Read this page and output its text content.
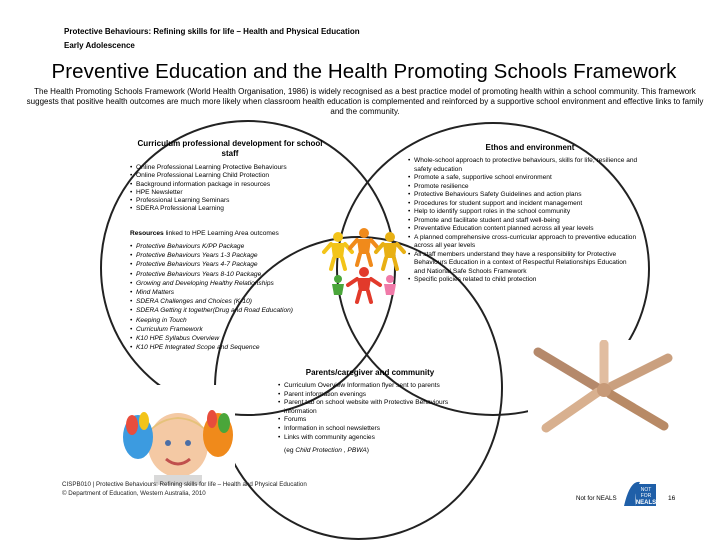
Protective Behaviours: Refining skills for life – Health and Physical Education
Early Adolescence
Preventive Education and the Health Promoting Schools Framework
The Health Promoting Schools Framework (World Health Organisation, 1986) is widely recognised as a best practice model of promoting health within a school community. This framework suggests that positive health outcomes are much more likely when classroom health education is complemented and reinforced by a supportive school environment and effective links to family and the community.
Curriculum professional development for school staff
• Online Professional Learning Protective Behaviours
• Online Professional Learning Child Protection
• Background information package in resources
• HPE Newsletter
• Professional Learning Seminars
• SDERA Professional Learning
Resources linked to HPE Learning Area outcomes
• Protective Behaviours K/PP Package
• Protective Behaviours Years 1-3 Package
• Protective Behaviours Years 4-7 Package
• Protective Behaviours Years 8-10 Package
• Growing and Developing Healthy Relationships
• Mind Matters
• SDERA Challenges and Choices (K-10)
• SDERA Getting it together(Drug and Road Education)
• Keeping in Touch
• Curriculum Framework
• K10 HPE Syllabus Overview
• K10 HPE Integrated Scope and Sequence
Ethos and environment
• Whole-school approach to protective behaviours, skills for life, resilience and safety education
• Promote a safe, supportive school environment
• Promote resilience
• Protective Behaviours Safety Guidelines and action plans
• Procedures for student support and incident management
• Help to identify support roles in the school community
• Promote and facilitate student and staff well-being
• Preventative Education content planned across all year levels
• A planned comprehensive cross-curricular approach to preventive education across all year levels
• All staff members understand they have a responsibility for Protective Behaviours Education in a context of Respectful Relationships Education and National Safe Schools Framework
• Specific policies related to child protection
Parents/caregiver and community
• Curriculum Overview Information flyer sent to parents
• Parent information evenings
• Parent tab on school website with Protective Behaviours information
• Forums
• Information in school newsletters
• Links with community agencies
(eg Child Protection , PBWA)
CISPB010 | Protective Behaviours: Refining skills for life – Health and Physical Education
© Department of Education, Western Australia, 2010
Not for NEALS
NOT
FOR
NEALS
16
